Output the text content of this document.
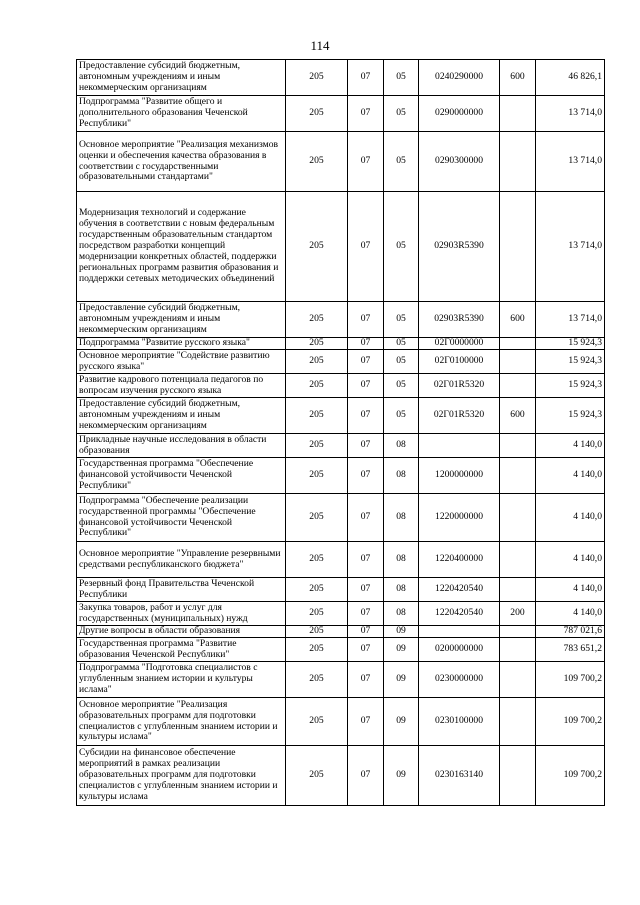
114
Предоставление субсидий бюджетным, автономным учреждениям и иным некоммерческим организациям	205	07	05	0240290000	600	46 826,1
Подпрограмма "Развитие общего и дополнительного образования Чеченской Республики"	205	07	05	0290000000		13 714,0
Основное мероприятие "Реализация механизмов оценки и обеспечения качества образования в соответствии с государственными образовательными стандартами"	205	07	05	0290300000		13 714,0
Модернизация технологий и содержание обучения в соответствии с новым федеральным государственным образовательным стандартом посредством разработки концепций модернизации конкретных областей, поддержки региональных программ развития образования и поддержки сетевых методических объединений	205	07	05	02903R5390		13 714,0
Предоставление субсидий бюджетным, автономным учреждениям и иным некоммерческим организациям	205	07	05	02903R5390	600	13 714,0
Подпрограмма "Развитие русского языка"	205	07	05	02Г0000000		15 924,3
Основное мероприятие "Содействие развитию русского языка"	205	07	05	02Г0100000		15 924,3
Развитие кадрового потенциала педагогов по вопросам изучения русского языка	205	07	05	02Г01R5320		15 924,3
Предоставление субсидий бюджетным, автономным учреждениям и иным некоммерческим организациям	205	07	05	02Г01R5320	600	15 924,3
Прикладные научные исследования в области образования	205	07	08			4 140,0
Государственная программа "Обеспечение финансовой устойчивости Чеченской Республики"	205	07	08	1200000000		4 140,0
Подпрограмма "Обеспечение реализации государственной программы "Обеспечение финансовой устойчивости Чеченской Республики"	205	07	08	1220000000		4 140,0
Основное мероприятие "Управление резервными средствами республиканского бюджета"	205	07	08	1220400000		4 140,0
Резервный фонд Правительства Чеченской Республики	205	07	08	1220420540		4 140,0
Закупка товаров, работ и услуг для государственных (муниципальных) нужд	205	07	08	1220420540	200	4 140,0
Другие вопросы в области образования	205	07	09			787 021,6
Государственная программа "Развитие образования Чеченской Республики"	205	07	09	0200000000		783 651,2
Подпрограмма "Подготовка специалистов с углубленным знанием истории и культуры ислама"	205	07	09	0230000000		109 700,2
Основное мероприятие "Реализация образовательных программ для подготовки специалистов с углубленным знанием истории и культуры ислама"	205	07	09	0230100000		109 700,2
Субсидии на финансовое обеспечение мероприятий в рамках реализации образовательных программ для подготовки специалистов с углубленным знанием истории и культуры ислама	205	07	09	0230163140		109 700,2
